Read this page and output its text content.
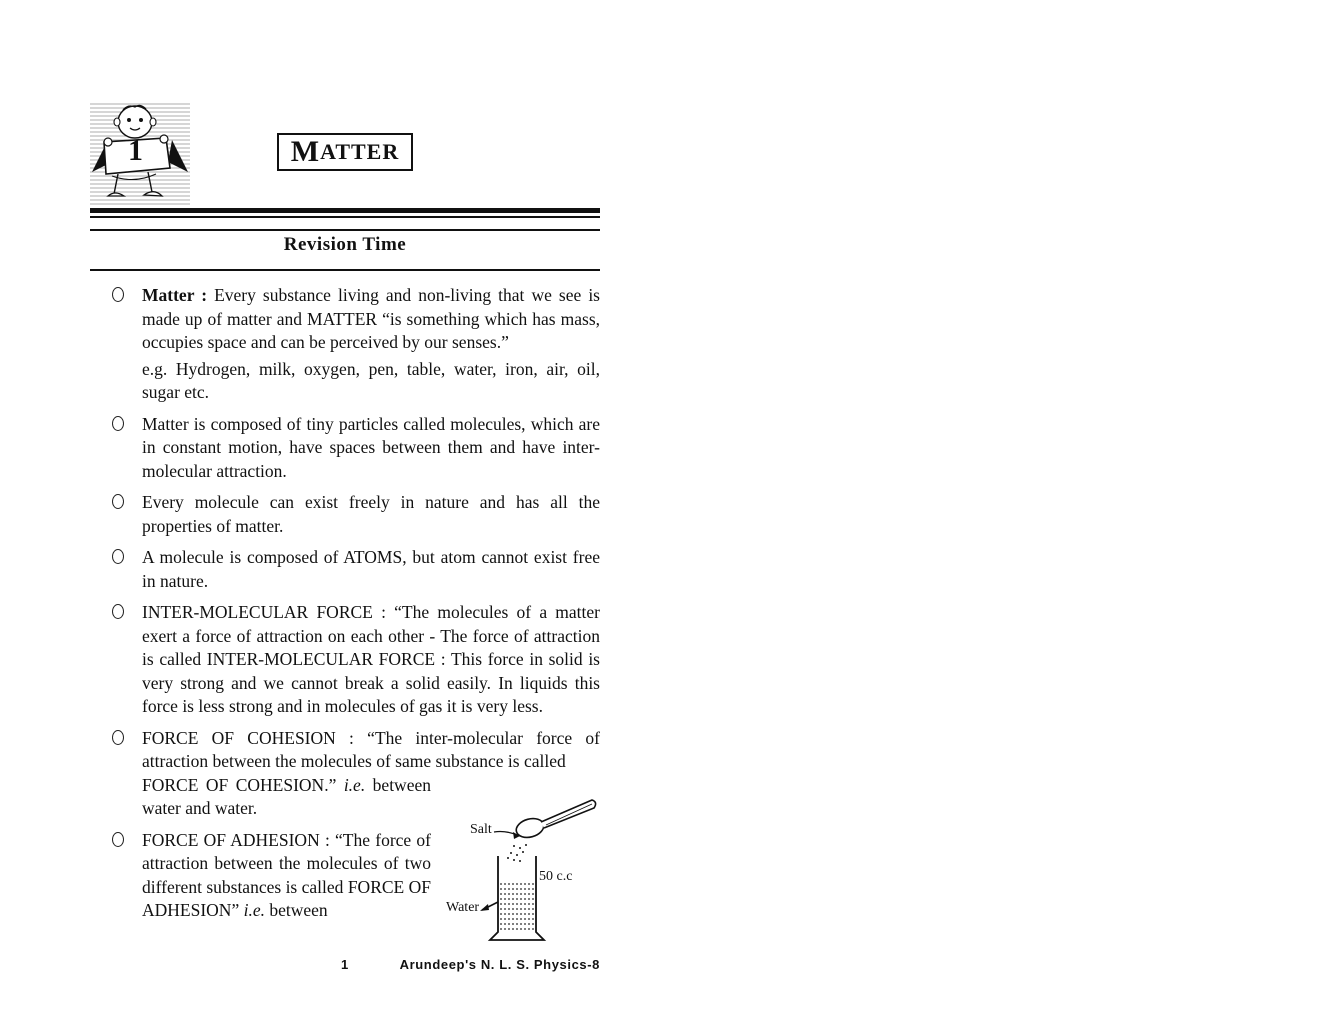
1	M ATTER
Revision Time

Matter : Every substance living and non-living that we see is made up of matter and MATTER “is something which has mass, occupies space and can be perceived by our senses.”

e.g. Hydrogen, milk, oxygen, pen, table, water, iron, air, oil, sugar etc.

Matter is composed of tiny particles called molecules, which are in constant motion, have spaces between them and have inter-molecular attraction.

Every molecule can exist freely in nature and has all the properties of matter.

A molecule is composed of ATOMS, but atom cannot exist free in nature.

INTER-MOLECULAR FORCE : “The molecules of a matter exert a force of attraction on each other - The force of attraction is called INTER-MOLECULAR FORCE : This force in solid is very strong and we cannot break a solid easily. In liquids this force is less strong and in molecules of gas it is very less.

FORCE OF COHESION : “The inter-molecular force of attraction between the molecules of same substance is called

FORCE OF COHESION.” i.e. between water and water.

FORCE OF ADHESION : “The force of attraction between the molecules of two different substances is called FORCE OF ADHESION” i.e. between

Salt
50 c.c
Water
1	Arundeep's N. L. S. Physics-8
